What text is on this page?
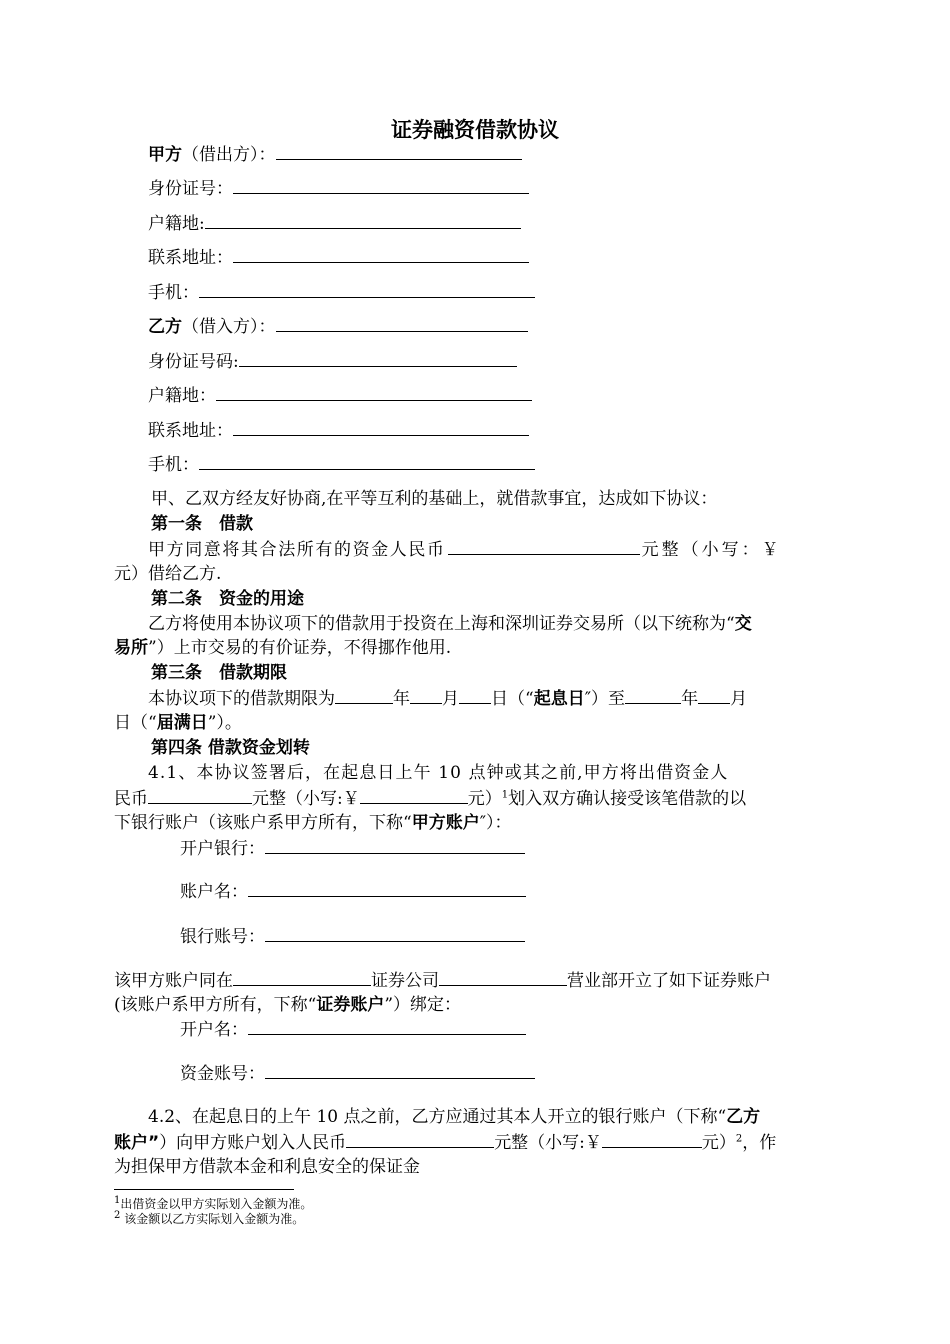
证券融资借款协议
甲方（借出方）：
身份证号：
户籍地:
联系地址：
手机：
乙方（借入方）：
身份证号码:
户籍地：
联系地址：
手机：
甲、乙双方经友好协商,在平等互利的基础上，就借款事宜，达成如下协议：
第一条　借款
甲方同意将其合法所有的资金人民币	元整（小写：￥
元）借给乙方.
第二条　资金的用途
乙方将使用本协议项下的借款用于投资在上海和深圳证券交易所（以下统称为“交
易所”）上市交易的有价证券，不得挪作他用.
第三条　借款期限
本协议项下的借款期限为	年 月 日（“起息日″）至	年 月
日（“届满日”）。
第四条 借款资金划转
4.1、本协议签署后，在起息日上午 10 点钟或其之前,甲方将出借资金人
民币	元整（小写:￥	元）$^1$划入双方确认接受该笔借款的以
下银行账户（该账户系甲方所有，下称“甲方账户″）：
开户银行：
账户名：
银行账号：
该甲方账户同在	证券公司	营业部开立了如下证券账户
(该账户系甲方所有，下称“证券账户”）绑定：
开户名：
资金账号：
4.2、在起息日的上午 10 点之前，乙方应通过其本人开立的银行账户（下称“乙方
账户”）向甲方账户划入人民币	元整（小写:￥	元）$^2$，作
为担保甲方借款本金和利息安全的保证金
$^1$出借资金以甲方实际划入金额为准。
$^2$ 该金额以乙方实际划入金额为准。
